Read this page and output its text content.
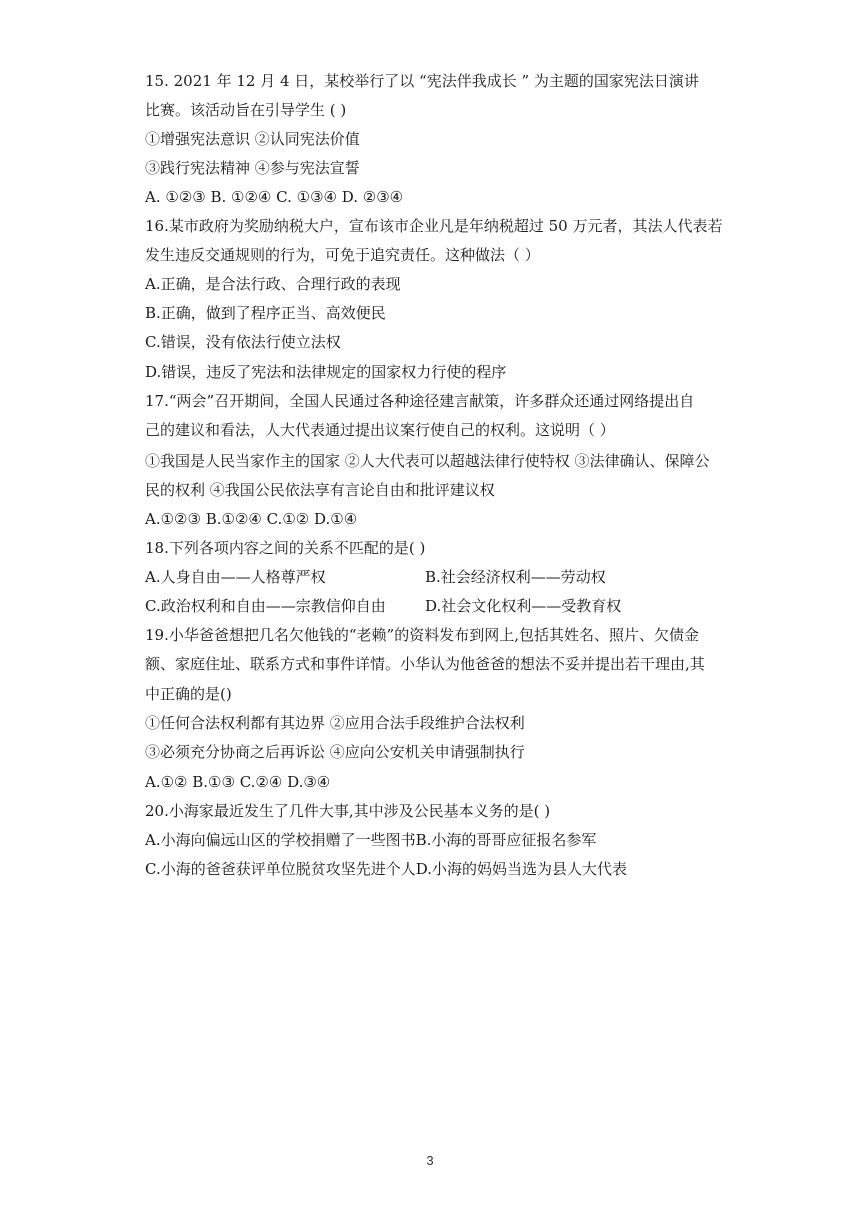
15. 2021 年 12 月 4 日，某校举行了以 “宪法伴我成长 ” 为主题的国家宪法日演讲
比赛。该活动旨在引导学生 ( )
①增强宪法意识 ②认同宪法价值
③践行宪法精神 ④参与宪法宣誓
A. ①②③ B. ①②④ C. ①③④ D. ②③④
16.某市政府为奖励纳税大户，宣布该市企业凡是年纳税超过 50 万元者，其法人代表若
发生违反交通规则的行为，可免于追究责任。这种做法（ ）
A.正确，是合法行政、合理行政的表现
B.正确，做到了程序正当、高效便民
C.错误，没有依法行使立法权
D.错误，违反了宪法和法律规定的国家权力行使的程序
17.“两会”召开期间，全国人民通过各种途径建言献策，许多群众还通过网络提出自
己的建议和看法，人大代表通过提出议案行使自己的权利。这说明（ ）
①我国是人民当家作主的国家 ②人大代表可以超越法律行使特权 ③法律确认、保障公
民的权利 ④我国公民依法享有言论自由和批评建议权
A.①②③ B.①②④ C.①② D.①④
18.下列各项内容之间的关系不匹配的是( )
A.人身自由——人格尊严权	B.社会经济权利——劳动权
C.政治权利和自由——宗教信仰自由	D.社会文化权利——受教育权
19.小华爸爸想把几名欠他钱的“老赖”的资料发布到网上,包括其姓名、照片、欠债金
额、家庭住址、联系方式和事件详情。小华认为他爸爸的想法不妥并提出若干理由,其
中正确的是()
①任何合法权利都有其边界 ②应用合法手段维护合法权利
③必须充分协商之后再诉讼 ④应向公安机关申请强制执行
A.①② B.①③ C.②④ D.③④
20.小海家最近发生了几件大事,其中涉及公民基本义务的是( )
A.小海向偏远山区的学校捐赠了一些图书B.小海的哥哥应征报名参军
C.小海的爸爸获评单位脱贫攻坚先进个人D.小海的妈妈当选为县人大代表
3
